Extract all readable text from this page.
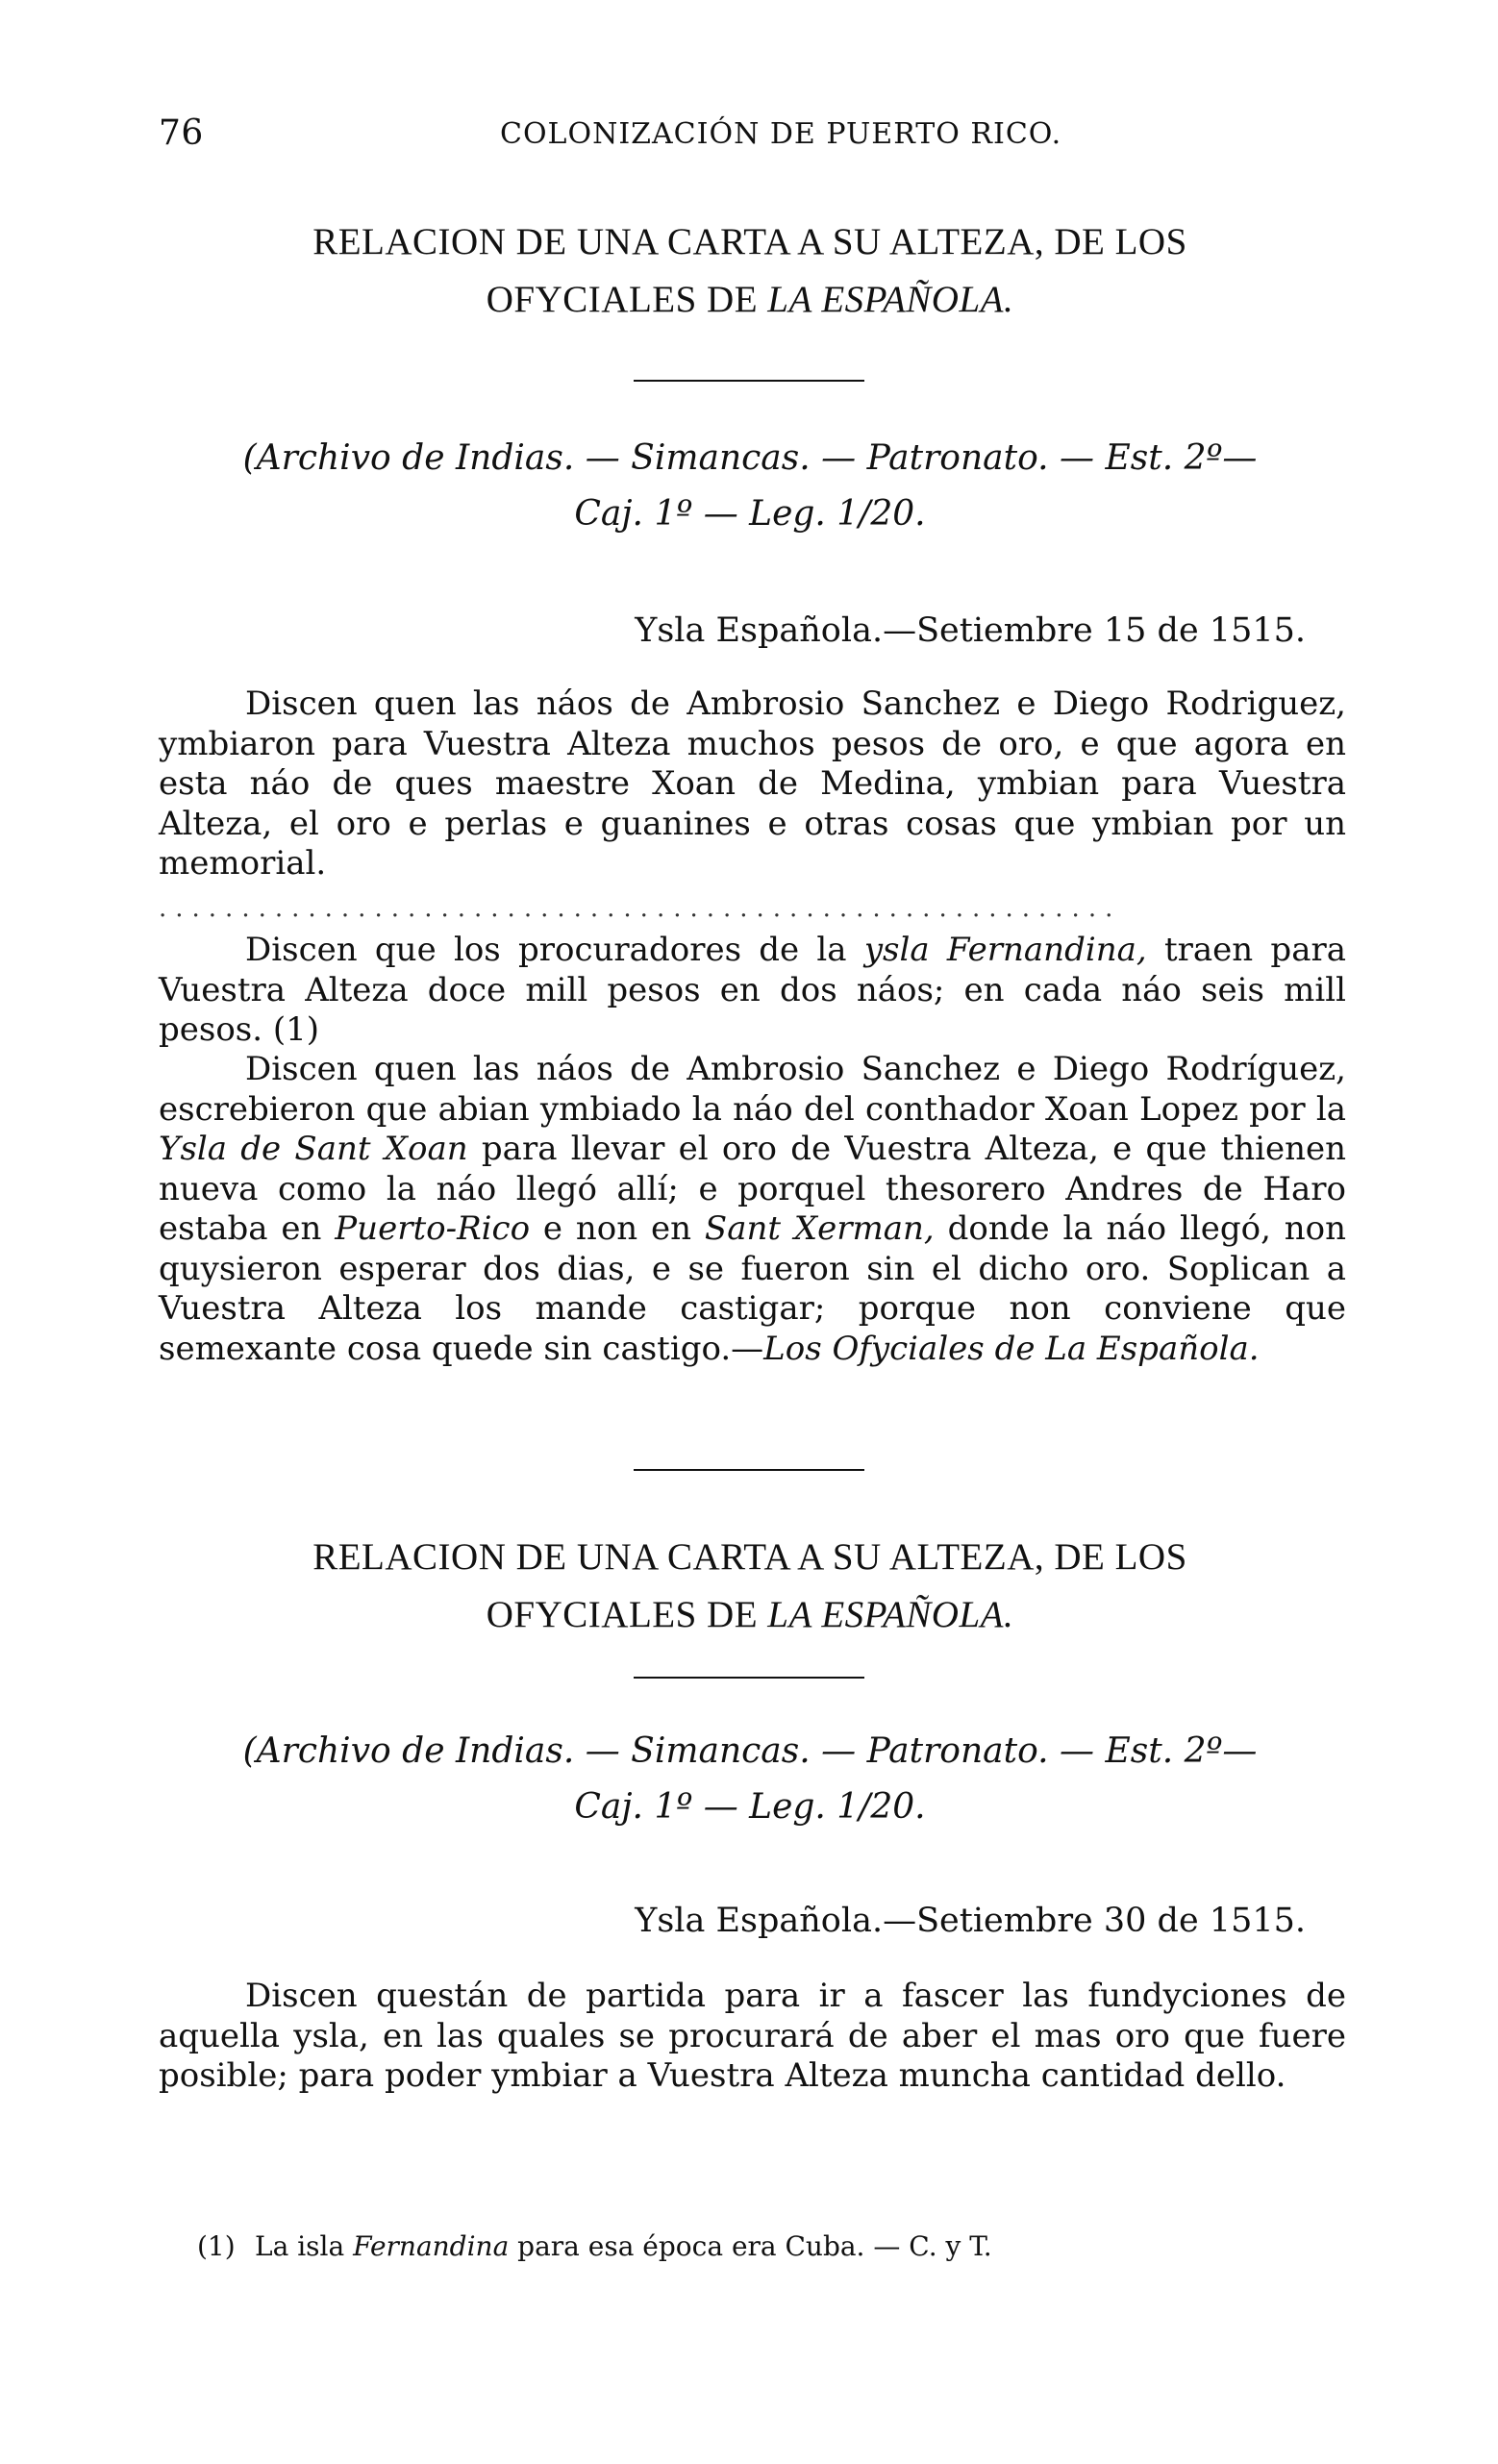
76	COLONIZACIÓN DE PUERTO RICO.
RELACION DE UNA CARTA A SU ALTEZA, DE LOS
OFYCIALES DE LA ESPAÑOLA.
(Archivo de Indias. — Simancas. — Patronato. — Est. 2º—
Caj. 1º — Leg. 1/20.
Ysla Española.—Setiembre 15 de 1515.
Discen quen las náos de Ambrosio Sanchez e Diego Rodriguez, ymbiaron para Vuestra Alteza muchos pesos de oro, e que agora en esta náo de ques maestre Xoan de Medina, ymbian para Vuestra Alteza, el oro e perlas e guanines e otras cosas que ymbian por un memorial.
..........................................................
Discen que los procuradores de la ysla Fernandina, traen para Vuestra Alteza doce mill pesos en dos náos; en cada náo seis mill pesos. (1)
Discen quen las náos de Ambrosio Sanchez e Diego Rodríguez, escrebieron que abian ymbiado la náo del conthador Xoan Lopez por la Ysla de Sant Xoan para llevar el oro de Vuestra Alteza, e que thienen nueva como la náo llegó allí; e porquel thesorero Andres de Haro estaba en Puerto-Rico e non en Sant Xerman, donde la náo llegó, non quysieron esperar dos dias, e se fueron sin el dicho oro. Soplican a Vuestra Alteza los mande castigar; porque non conviene que semexante cosa quede sin castigo.—Los Ofyciales de La Española.
RELACION DE UNA CARTA A SU ALTEZA, DE LOS
OFYCIALES DE LA ESPAÑOLA.
(Archivo de Indias. — Simancas. — Patronato. — Est. 2º—
Caj. 1º — Leg. 1/20.
Ysla Española.—Setiembre 30 de 1515.
Discen questán de partida para ir a fascer las fundyciones de aquella ysla, en las quales se procurará de aber el mas oro que fuere posible; para poder ymbiar a Vuestra Alteza muncha cantidad dello.
(1) La isla Fernandina para esa época era Cuba. — C. y T.
